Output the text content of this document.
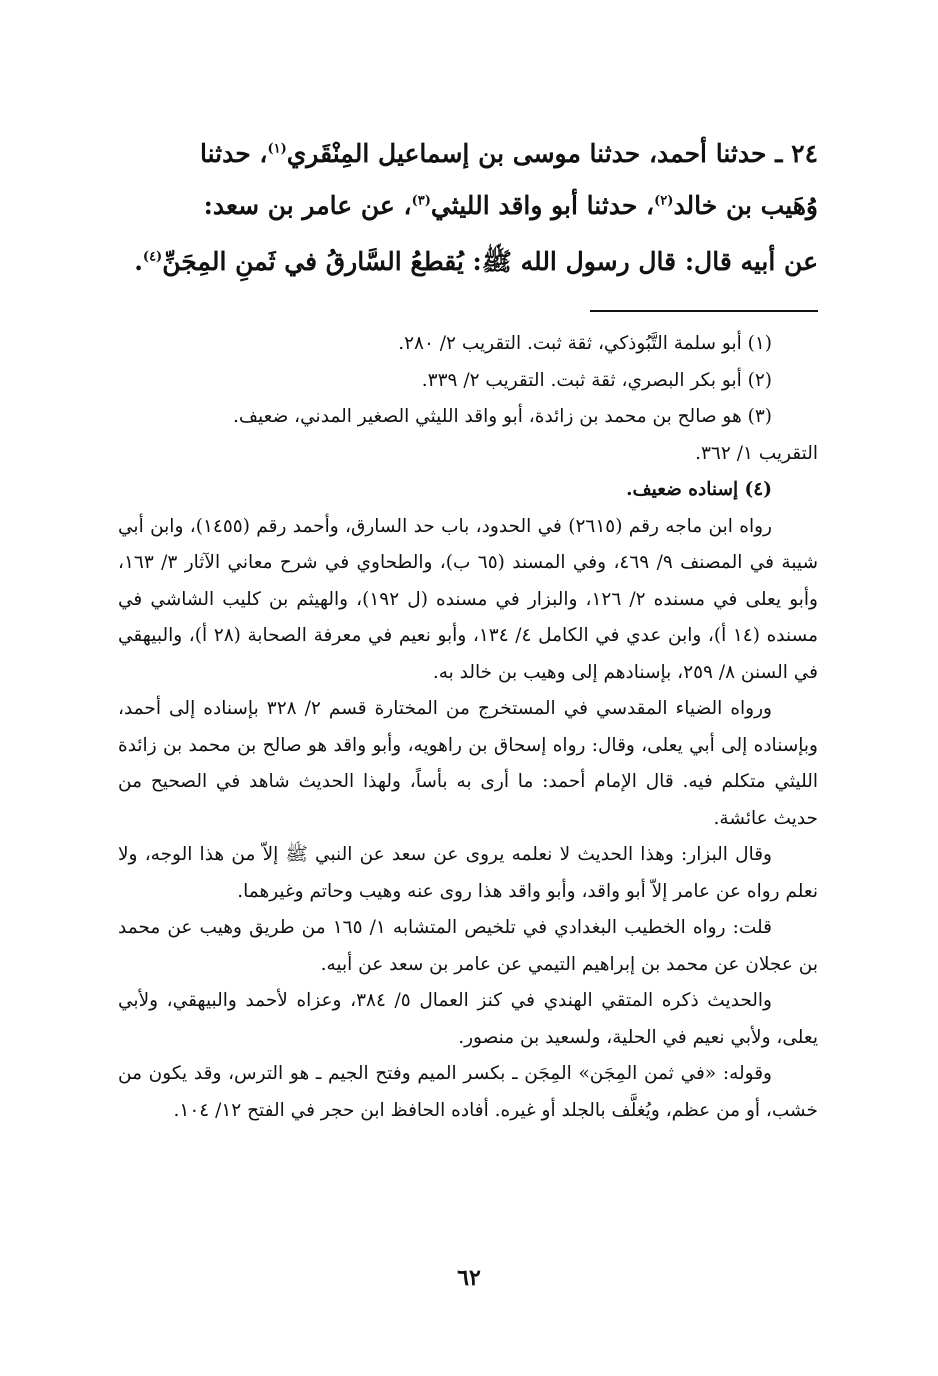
٢٤ ـ حدثنا أحمد، حدثنا موسى بن إسماعيل المِنْقَري$^{(١)}$، حدثنا

وُهَيب بن خالد$^{(٢)}$، حدثنا أبو واقد الليثي$^{(٣)}$، عن عامر بن سعد:

عن أبيه قال: قال رسول الله ﷺ: يُقطعُ السَّارقُ في ثَمنِ المِجَنِّ$^{(٤)}$.

(١) أبو سلمة التَّبُوذكي، ثقة ثبت. التقريب ٢/ ٢٨٠.

(٢) أبو بكر البصري، ثقة ثبت. التقريب ٢/ ٣٣٩.

(٣) هو صالح بن محمد بن زائدة، أبو واقد الليثي الصغير المدني، ضعيف.

التقريب ١/ ٣٦٢.

(٤) إسناده ضعيف.

رواه ابن ماجه رقم (٢٦١٥) في الحدود، باب حد السارق، وأحمد رقم (١٤٥٥)، وابن أبي شيبة في المصنف ٩/ ٤٦٩، وفي المسند (٦٥ ب)، والطحاوي في شرح معاني الآثار ٣/ ١٦٣، وأبو يعلى في مسنده ٢/ ١٢٦، والبزار في مسنده (ل ١٩٢)، والهيثم بن كليب الشاشي في مسنده (١٤ أ)، وابن عدي في الكامل ٤/ ١٣٤، وأبو نعيم في معرفة الصحابة (٢٨ أ)، والبيهقي في السنن ٨/ ٢٥٩، بإسنادهم إلى وهيب بن خالد به.

ورواه الضياء المقدسي في المستخرج من المختارة قسم ٢/ ٣٢٨ بإسناده إلى أحمد، وبإسناده إلى أبي يعلى، وقال: رواه إسحاق بن راهويه، وأبو واقد هو صالح بن محمد بن زائدة الليثي متكلم فيه. قال الإمام أحمد: ما أرى به بأساً، ولهذا الحديث شاهد في الصحيح من حديث عائشة.

وقال البزار: وهذا الحديث لا نعلمه يروى عن سعد عن النبي ﷺ إلاّ من هذا الوجه، ولا نعلم رواه عن عامر إلاّ أبو واقد، وأبو واقد هذا روى عنه وهيب وحاتم وغيرهما.

قلت: رواه الخطيب البغدادي في تلخيص المتشابه ١/ ١٦٥ من طريق وهيب عن محمد بن عجلان عن محمد بن إبراهيم التيمي عن عامر بن سعد عن أبيه.

والحديث ذكره المتقي الهندي في كنز العمال ٥/ ٣٨٤، وعزاه لأحمد والبيهقي، ولأبي يعلى، ولأبي نعيم في الحلية، ولسعيد بن منصور.

وقوله: «في ثمن المِجَن» المِجَن ـ بكسر الميم وفتح الجيم ـ هو الترس، وقد يكون من خشب، أو من عظم، ويُغلَّف بالجلد أو غيره. أفاده الحافظ ابن حجر في الفتح ١٢/ ١٠٤.

٦٢
